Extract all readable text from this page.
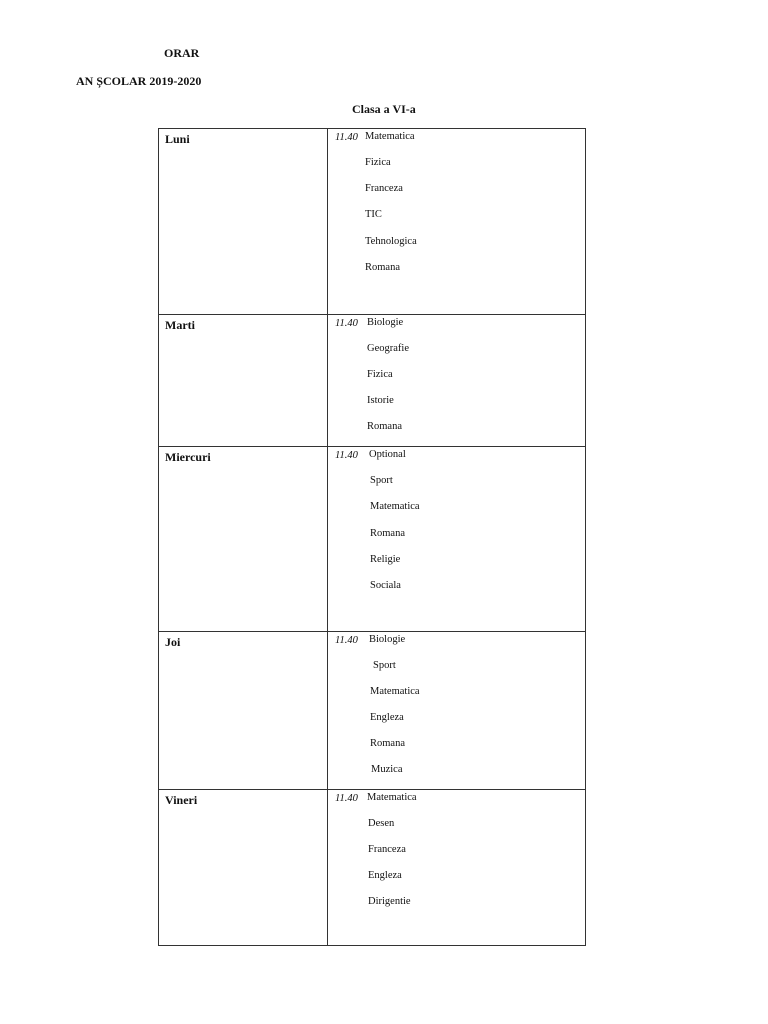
ORAR
AN ȘCOLAR 2019-2020
Clasa a VI-a
Luni	11.40 Matematica
Fizica
Franceza
TIC
Tehnologica
Romana
Marti	11.40 Biologie
Geografie
Fizica
Istorie
Romana
Miercuri	11.40 Optional
Sport
Matematica
Romana
Religie
Sociala
Joi	11.40 Biologie
Sport
Matematica
Engleza
Romana
Muzica
Vineri	11.40 Matematica
Desen
Franceza
Engleza
Dirigentie
